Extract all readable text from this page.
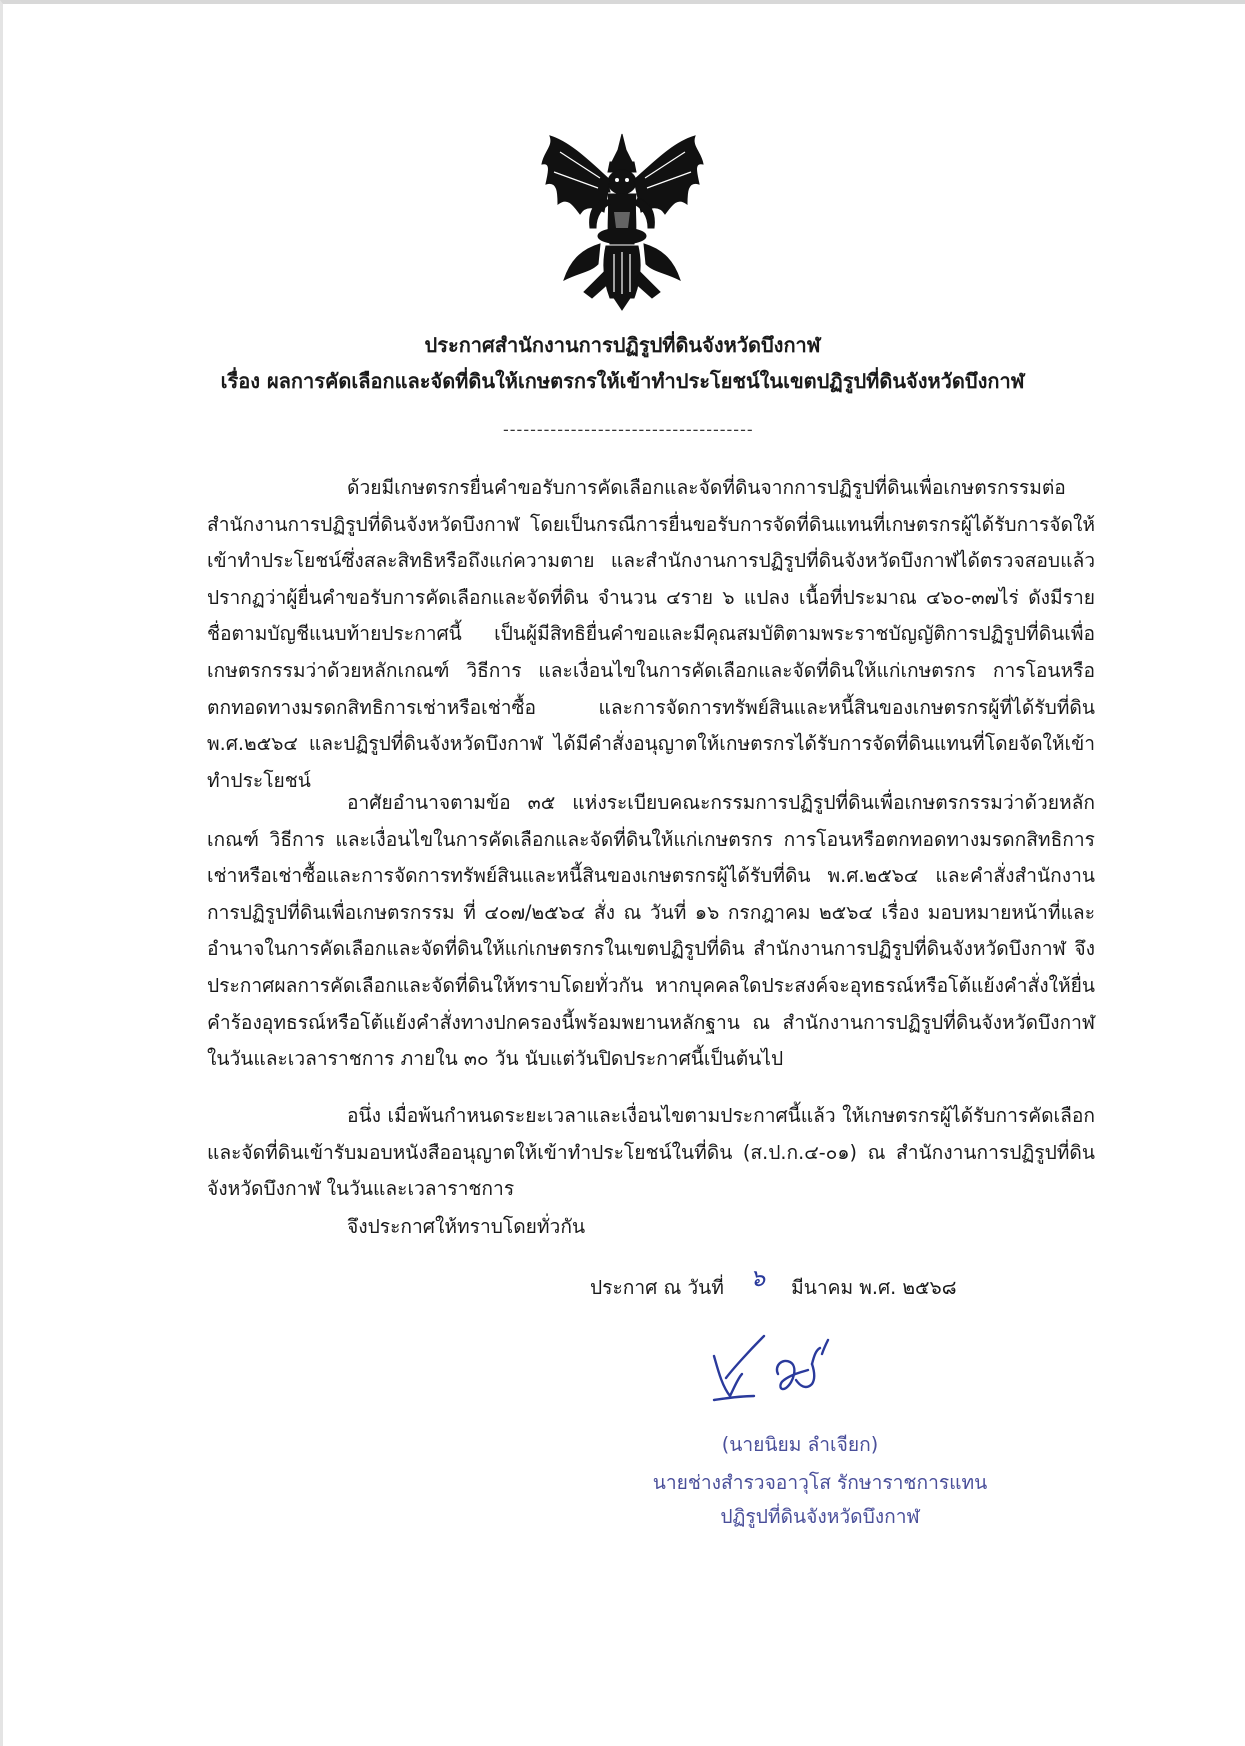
ประกาศสำนักงานการปฏิรูปที่ดินจังหวัดบึงกาฬ
เรื่อง ผลการคัดเลือกและจัดที่ดินให้เกษตรกรให้เข้าทำประโยชน์ในเขตปฏิรูปที่ดินจังหวัดบึงกาฬ
-------------------------------------

ด้วยมีเกษตรกรยื่นคำขอรับการคัดเลือกและจัดที่ดินจากการปฏิรูปที่ดินเพื่อเกษตรกรรมต่อสำนักงานการปฏิรูปที่ดินจังหวัดบึงกาฬ โดยเป็นกรณีการยื่นขอรับการจัดที่ดินแทนที่เกษตรกรผู้ได้รับการจัดให้เข้าทำประโยชน์ซึ่งสละสิทธิหรือถึงแก่ความตาย และสำนักงานการปฏิรูปที่ดินจังหวัดบึงกาฬได้ตรวจสอบแล้ว ปรากฏว่าผู้ยื่นคำขอรับการคัดเลือกและจัดที่ดิน จำนวน ๔ราย ๖ แปลง เนื้อที่ประมาณ ๔๖๐-๓๗ไร่ ดังมีรายชื่อตามบัญชีแนบท้ายประกาศนี้ เป็นผู้มีสิทธิยื่นคำขอและมีคุณสมบัติตามพระราชบัญญัติการปฏิรูปที่ดินเพื่อเกษตรกรรมว่าด้วยหลักเกณฑ์ วิธีการ และเงื่อนไขในการคัดเลือกและจัดที่ดินให้แก่เกษตรกร การโอนหรือตกทอดทางมรดกสิทธิการเช่าหรือเช่าซื้อ และการจัดการทรัพย์สินและหนี้สินของเกษตรกรผู้ที่ได้รับที่ดิน พ.ศ.๒๕๖๔ และปฏิรูปที่ดินจังหวัดบึงกาฬ ได้มีคำสั่งอนุญาตให้เกษตรกรได้รับการจัดที่ดินแทนที่โดยจัดให้เข้าทำประโยชน์

อาศัยอำนาจตามข้อ ๓๕ แห่งระเบียบคณะกรรมการปฏิรูปที่ดินเพื่อเกษตรกรรมว่าด้วยหลักเกณฑ์ วิธีการ และเงื่อนไขในการคัดเลือกและจัดที่ดินให้แก่เกษตรกร การโอนหรือตกทอดทางมรดกสิทธิการเช่าหรือเช่าซื้อและการจัดการทรัพย์สินและหนี้สินของเกษตรกรผู้ได้รับที่ดิน พ.ศ.๒๕๖๔ และคำสั่งสำนักงานการปฏิรูปที่ดินเพื่อเกษตรกรรม ที่ ๔๐๗/๒๕๖๔ สั่ง ณ วันที่ ๑๖ กรกฎาคม ๒๕๖๔ เรื่อง มอบหมายหน้าที่และอำนาจในการคัดเลือกและจัดที่ดินให้แก่เกษตรกรในเขตปฏิรูปที่ดิน สำนักงานการปฏิรูปที่ดินจังหวัดบึงกาฬ จึงประกาศผลการคัดเลือกและจัดที่ดินให้ทราบโดยทั่วกัน หากบุคคลใดประสงค์จะอุทธรณ์หรือโต้แย้งคำสั่งให้ยื่นคำร้องอุทธรณ์หรือโต้แย้งคำสั่งทางปกครองนี้พร้อมพยานหลักฐาน ณ สำนักงานการปฏิรูปที่ดินจังหวัดบึงกาฬ ในวันและเวลาราชการ ภายใน ๓๐ วัน นับแต่วันปิดประกาศนี้เป็นต้นไป

อนึ่ง เมื่อพ้นกำหนดระยะเวลาและเงื่อนไขตามประกาศนี้แล้ว ให้เกษตรกรผู้ได้รับการคัดเลือกและจัดที่ดินเข้ารับมอบหนังสืออนุญาตให้เข้าทำประโยชน์ในที่ดิน (ส.ป.ก.๔-๐๑) ณ สำนักงานการปฏิรูปที่ดินจังหวัดบึงกาฬ ในวันและเวลาราชการ

จึงประกาศให้ทราบโดยทั่วกัน
ประกาศ ณ วันที่ ๖ มีนาคม พ.ศ. ๒๕๖๘
(นายนิยม ลำเจียก)
นายช่างสำรวจอาวุโส รักษาราชการแทน
ปฏิรูปที่ดินจังหวัดบึงกาฬ
